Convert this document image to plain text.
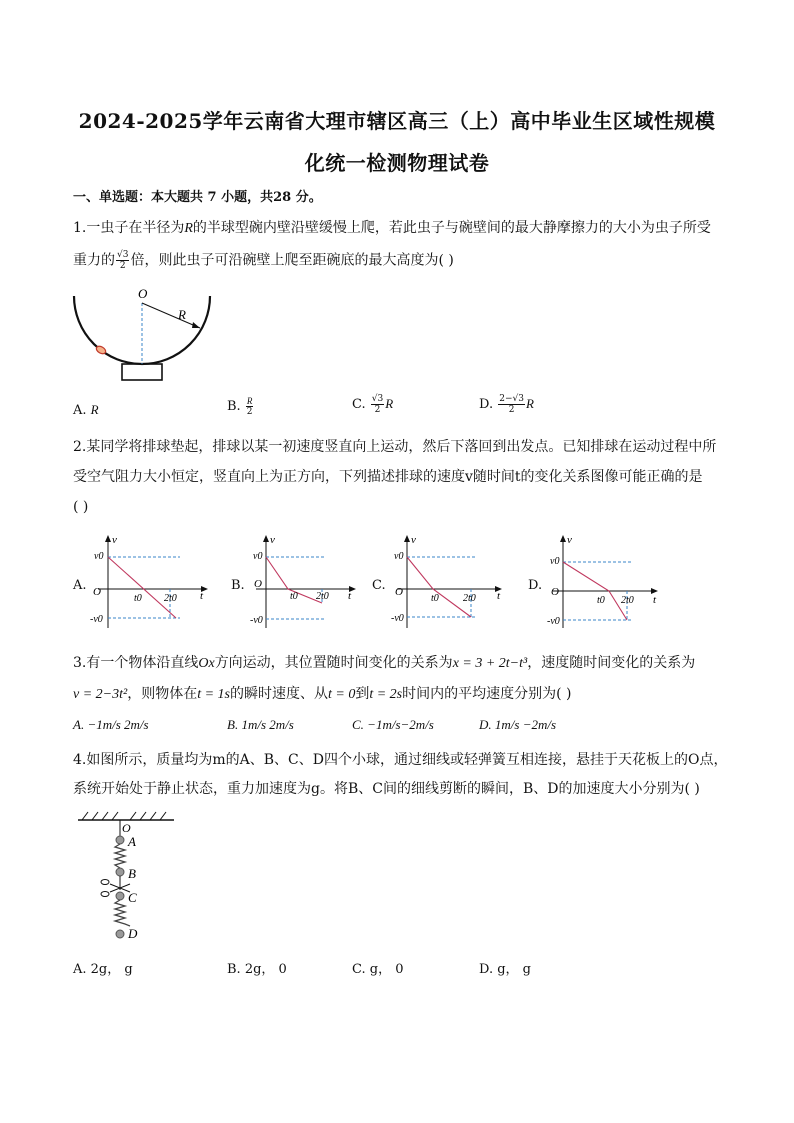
2024-2025学年云南省大理市辖区高三（上）高中毕业生区域性规模
化统一检测物理试卷
一、单选题：本大题共 7 小题，共28 分。
1.一虫子在半径为R的半球型碗内壁沿壁缓慢上爬，若此虫子与碗壁间的最大静摩擦力的大小为虫子所受
重力的 $\frac{√3}{2}$ 倍，则此虫子可沿碗壁上爬至距碗底的最大高度为( )
O
R
A. R	B. $\frac{R}{2}$	C. $\frac{√3}{2}$ R	D. $\frac{2-√3}{2}$ R
2.某同学将排球垫起，排球以某一初速度竖直向上运动，然后下落回到出发点。已知排球在运动过程中所
受空气阻力大小恒定，竖直向上为正方向，下列描述排球的速度v随时间t的变化关系图像可能正确的是
( )
A.
v
v0
O
-v0
t0 2t0 t
B.
v
v0
O
-v0
t0 2t0 t
C.
v
v0
O
-v0
t0 2t0 t
D.
v
v0
O
-v0
t0 2t0 t
3.有一个物体沿直线Ox方向运动，其位置随时间变化的关系为x = 3 + 2t−t³，速度随时间变化的关系为
v = 2−3t²，则物体在t = 1s的瞬时速度、从t = 0到t = 2s时间内的平均速度分别为( )
A. −1m/s 2m/s	B. 1m/s 2m/s	C. −1m/s−2m/s	D. 1m/s −2m/s
4.如图所示，质量均为m的A、B、C、D四个小球，通过细线或轻弹簧互相连接，悬挂于天花板上的O点，
系统开始处于静止状态，重力加速度为g。将B、C间的细线剪断的瞬间，B、D的加速度大小分别为( )
O
A
B
C
D
A. 2g， g	B. 2g， 0	C. g， 0	D. g， g
